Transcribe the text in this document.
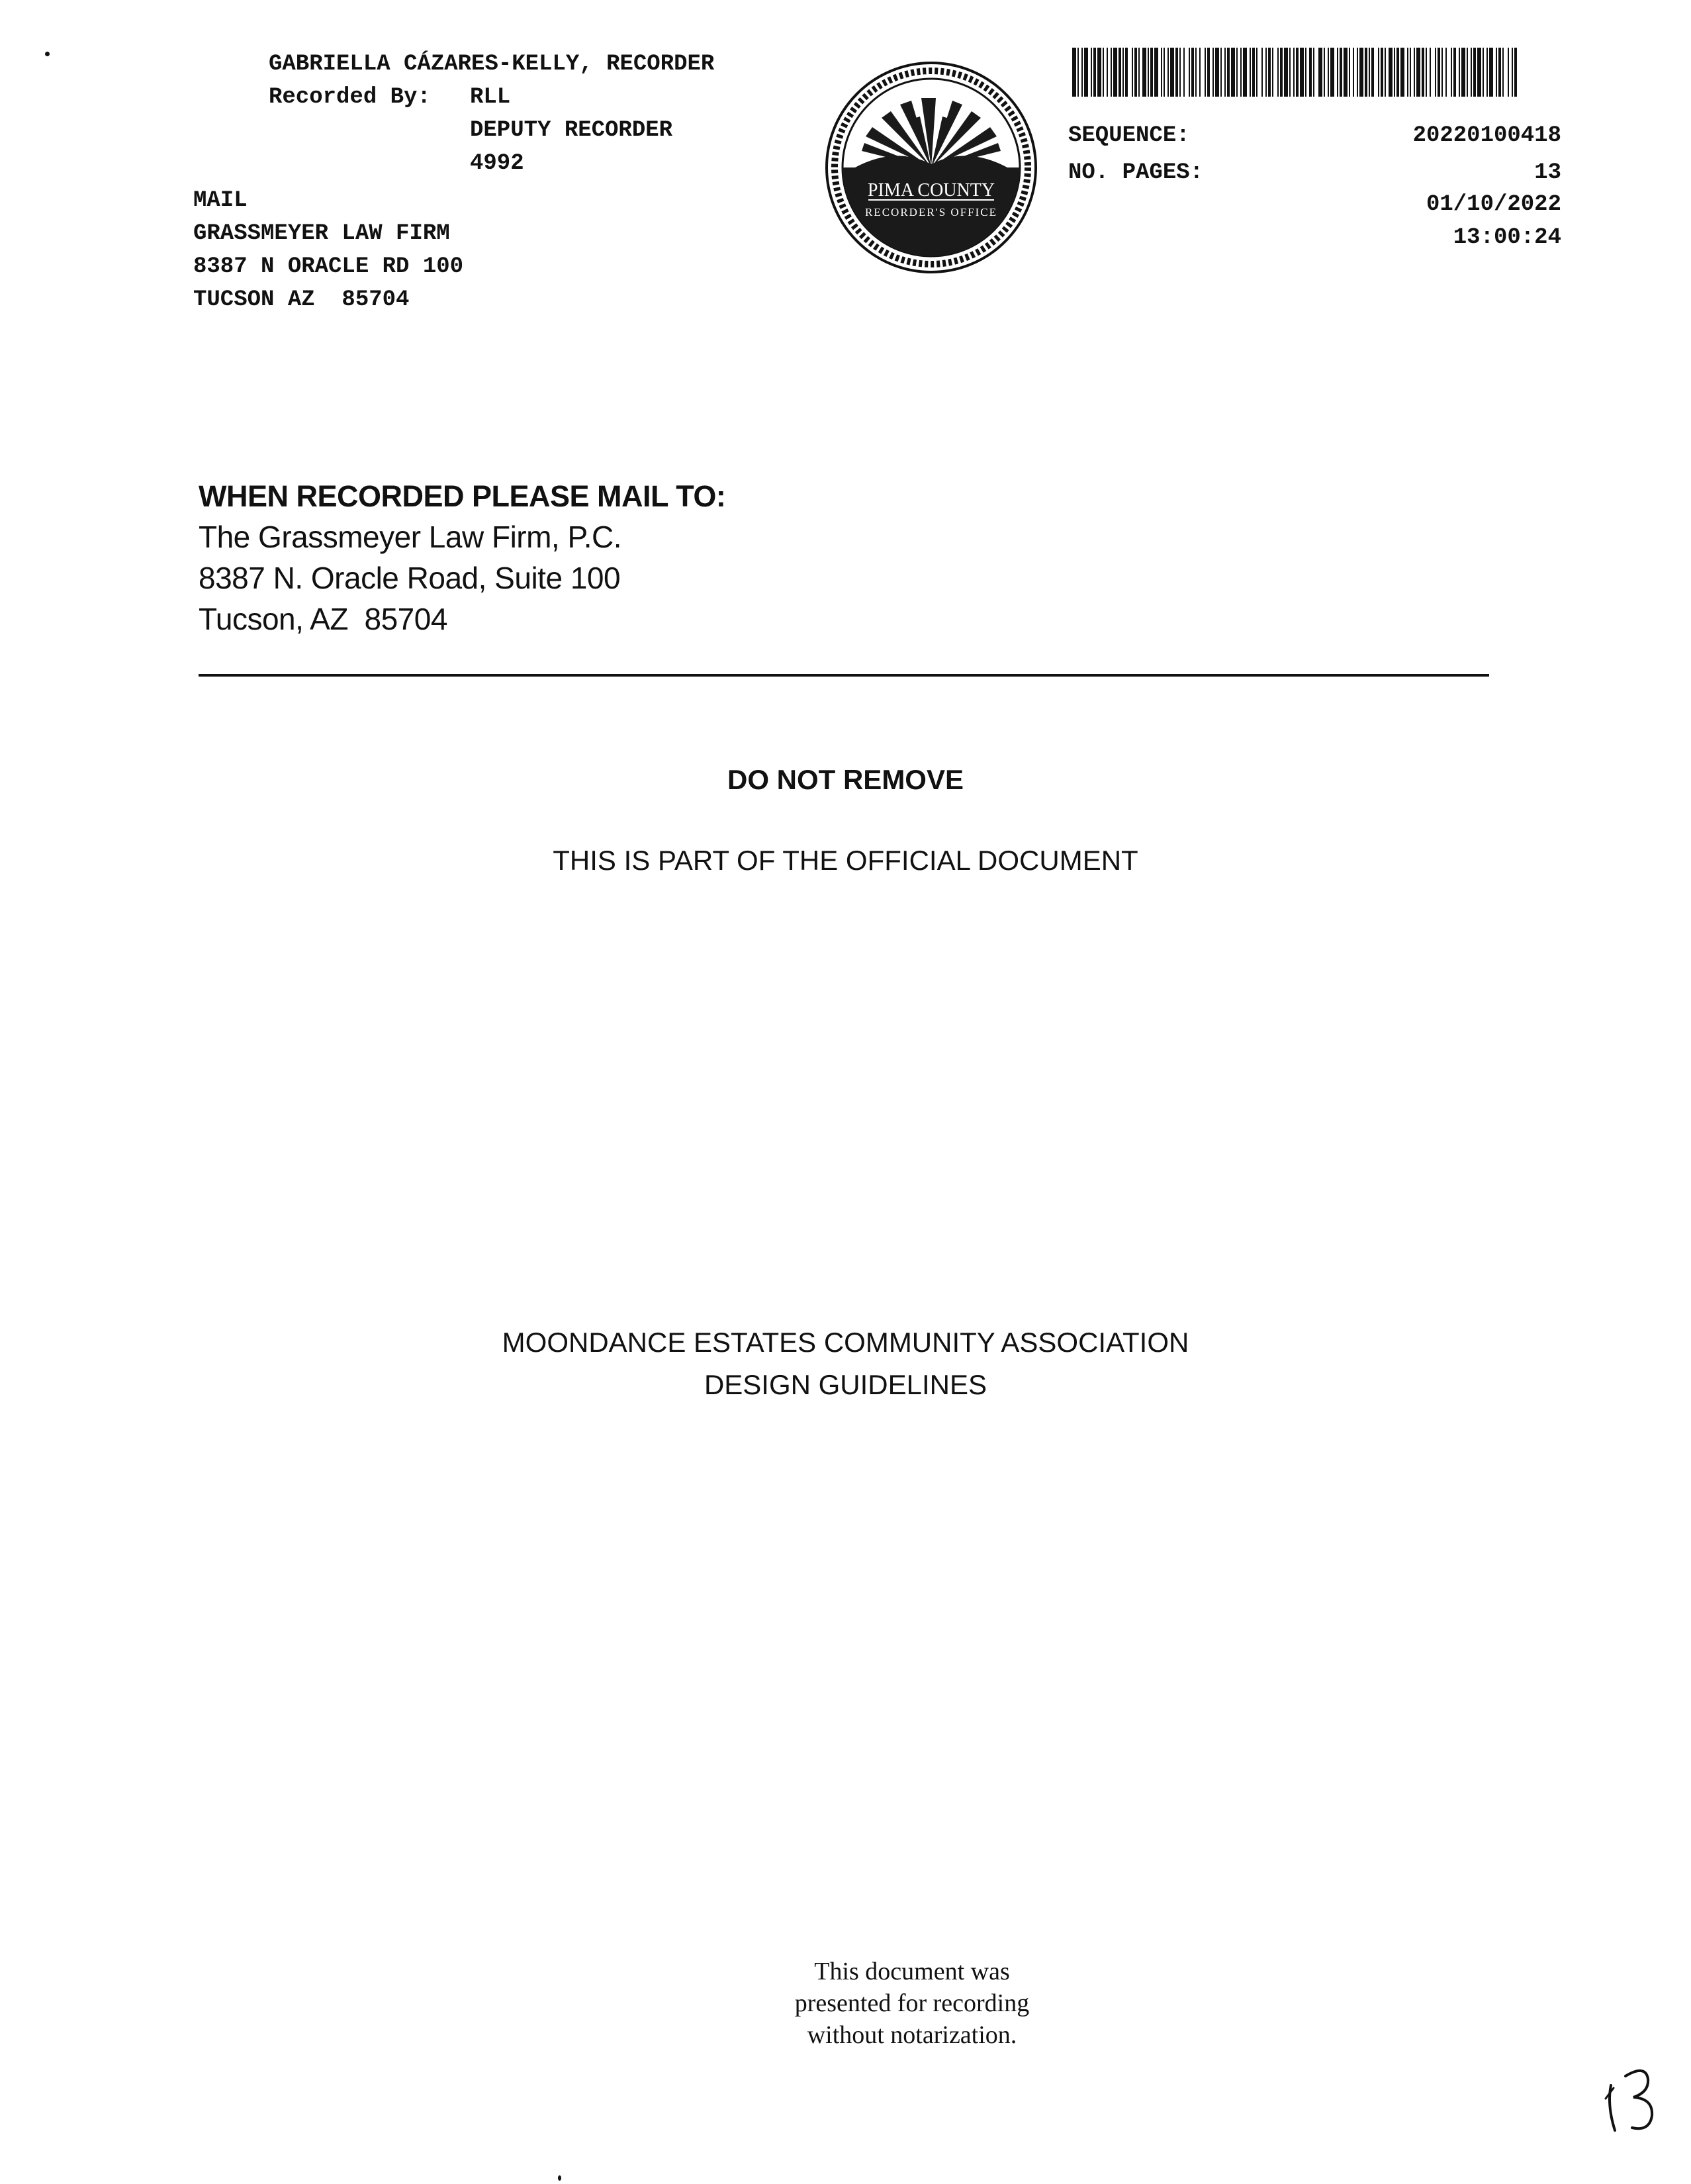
GABRIELLA CÁZARES-KELLY, RECORDER
Recorded By: RLL
DEPUTY RECORDER
4992
MAIL
GRASSMEYER LAW FIRM
8387 N ORACLE RD 100
TUCSON AZ  85704
PIMA COUNTY
RECORDER'S OFFICE
SEQUENCE:	20220100418
NO. PAGES:	13
01/10/2022
13:00:24
WHEN RECORDED PLEASE MAIL TO:
The Grassmeyer Law Firm, P.C.
8387 N. Oracle Road, Suite 100
Tucson, AZ  85704
DO NOT REMOVE
THIS IS PART OF THE OFFICIAL DOCUMENT
MOONDANCE ESTATES COMMUNITY ASSOCIATION
DESIGN GUIDELINES
This document was
presented for recording
without notarization.
